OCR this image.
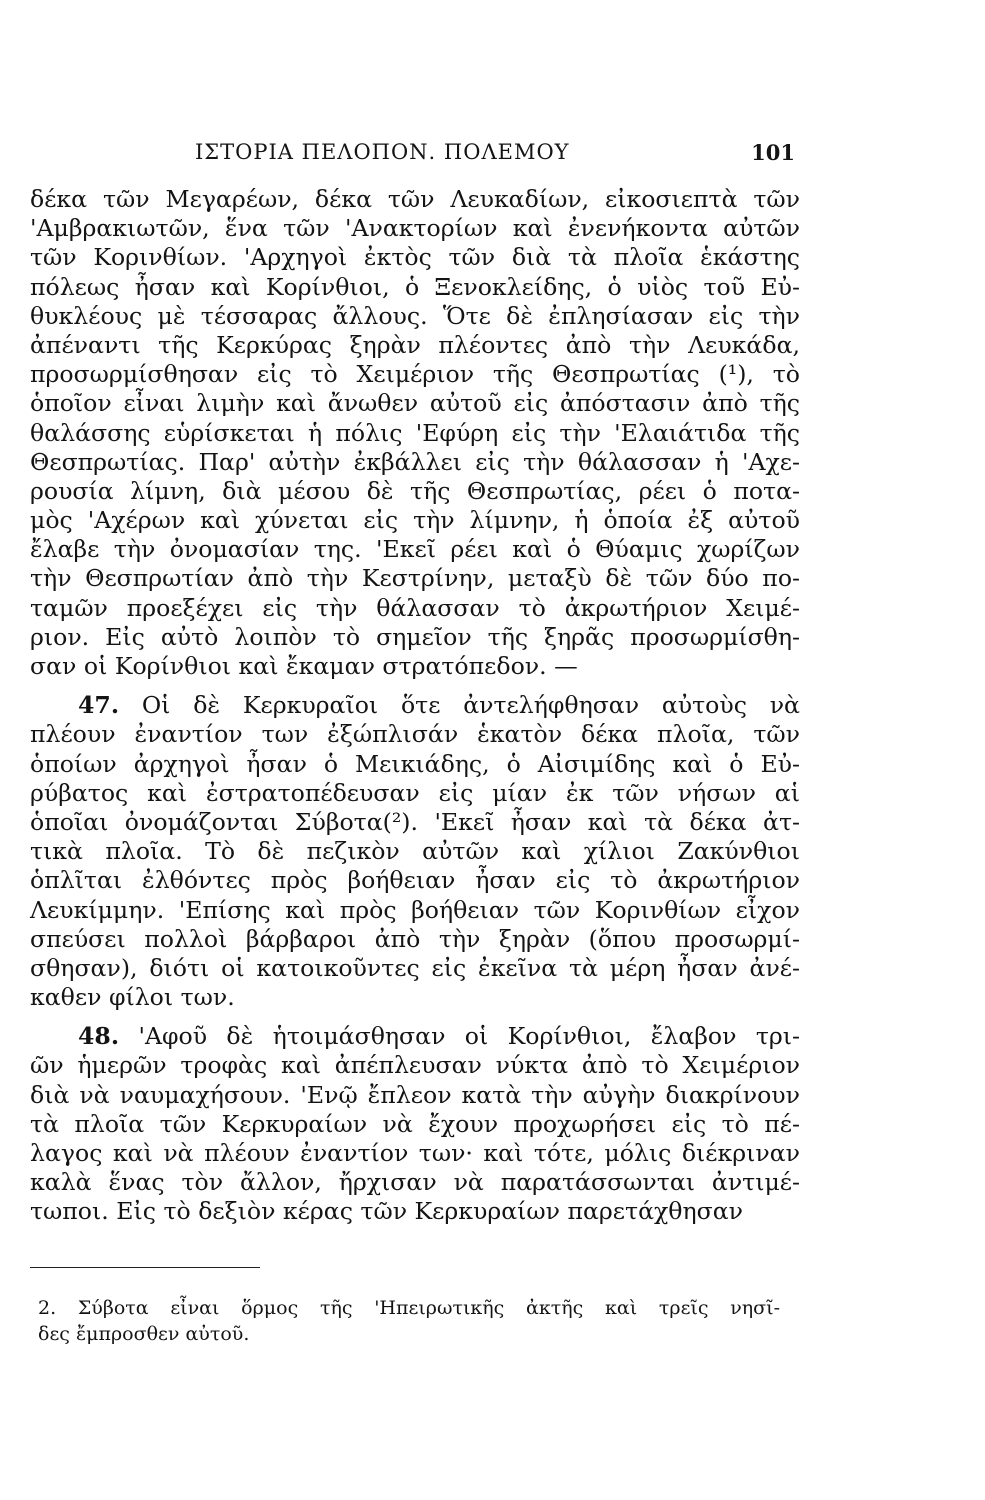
ΙΣΤΟΡΙΑ ΠΕΛΟΠΟΝ. ΠΟΛΕΜΟΥ	101
δέκα τῶν Μεγαρέων, δέκα τῶν Λευκαδίων, εἰκοσιεπτὰ τῶν
'Αμβρακιωτῶν, ἕνα τῶν 'Ανακτορίων καὶ ἐνενήκοντα αὐτῶν
τῶν Κορινθίων. 'Αρχηγοὶ ἐκτὸς τῶν διὰ τὰ πλοῖα ἑκάστης
πόλεως ἦσαν καὶ Κορίνθιοι, ὁ Ξενοκλείδης, ὁ υἱὸς τοῦ Εὐ-
θυκλέους μὲ τέσσαρας ἄλλους. Ὅτε δὲ ἐπλησίασαν εἰς τὴν
ἀπέναντι τῆς Κερκύρας ξηρὰν πλέοντες ἀπὸ τὴν Λευκάδα,
προσωρμίσθησαν εἰς τὸ Χειμέριον τῆς Θεσπρωτίας (¹), τὸ
ὁποῖον εἶναι λιμὴν καὶ ἄνωθεν αὐτοῦ εἰς ἀπόστασιν ἀπὸ τῆς
θαλάσσης εὑρίσκεται ἡ πόλις 'Εφύρη εἰς τὴν 'Ελαιάτιδα τῆς
Θεσπρωτίας. Παρ' αὐτὴν ἐκβάλλει εἰς τὴν θάλασσαν ἡ 'Αχε-
ρουσία λίμνη, διὰ μέσου δὲ τῆς Θεσπρωτίας, ρέει ὁ ποτα-
μὸς 'Αχέρων καὶ χύνεται εἰς τὴν λίμνην, ἡ ὁποία ἐξ αὐτοῦ
ἔλαβε τὴν ὀνομασίαν της. 'Εκεῖ ρέει καὶ ὁ Θύαμις χωρίζων
τὴν Θεσπρωτίαν ἀπὸ τὴν Κεστρίνην, μεταξὺ δὲ τῶν δύο πο-
ταμῶν προεξέχει εἰς τὴν θάλασσαν τὸ ἀκρωτήριον Χειμέ-
ριον. Εἰς αὐτὸ λοιπὸν τὸ σημεῖον τῆς ξηρᾶς προσωρμίσθη-
σαν οἱ Κορίνθιοι καὶ ἔκαμαν στρατόπεδον. —
47. Οἱ δὲ Κερκυραῖοι ὅτε ἀντελήφθησαν αὐτοὺς νὰ
πλέουν ἐναντίον των ἐξώπλισάν ἑκατὸν δέκα πλοῖα, τῶν
ὁποίων ἀρχηγοὶ ἦσαν ὁ Μεικιάδης, ὁ Αἰσιμίδης καὶ ὁ Εὐ-
ρύβατος καὶ ἐστρατοπέδευσαν εἰς μίαν ἐκ τῶν νήσων αἱ
ὁποῖαι ὀνομάζονται Σύβοτα(²). 'Εκεῖ ἦσαν καὶ τὰ δέκα ἀτ-
τικὰ πλοῖα. Τὸ δὲ πεζικὸν αὐτῶν καὶ χίλιοι Ζακύνθιοι
ὁπλῖται ἐλθόντες πρὸς βοήθειαν ἦσαν εἰς τὸ ἀκρωτήριον
Λευκίμμην. 'Επίσης καὶ πρὸς βοήθειαν τῶν Κορινθίων εἶχον
σπεύσει πολλοὶ βάρβαροι ἀπὸ τὴν ξηρὰν (ὅπου προσωρμί-
σθησαν), διότι οἱ κατοικοῦντες εἰς ἐκεῖνα τὰ μέρη ἦσαν ἀνέ-
καθεν φίλοι των.
48. 'Αφοῦ δὲ ἡτοιμάσθησαν οἱ Κορίνθιοι, ἔλαβον τρι-
ῶν ἡμερῶν τροφὰς καὶ ἀπέπλευσαν νύκτα ἀπὸ τὸ Χειμέριον
διὰ νὰ ναυμαχήσουν. 'Ενῷ ἔπλεον κατὰ τὴν αὐγὴν διακρίνουν
τὰ πλοῖα τῶν Κερκυραίων νὰ ἔχουν προχωρήσει εἰς τὸ πέ-
λαγος καὶ νὰ πλέουν ἐναντίον των· καὶ τότε, μόλις διέκριναν
καλὰ ἕνας τὸν ἄλλον, ἤρχισαν νὰ παρατάσσωνται ἀντιμέ-
τωποι. Εἰς τὸ δεξιὸν κέρας τῶν Κερκυραίων παρετάχθησαν
2. Σύβοτα εἶναι ὅρμος τῆς 'Ηπειρωτικῆς ἀκτῆς καὶ τρεῖς νησῖ-
δες ἔμπροσθεν αὐτοῦ.
